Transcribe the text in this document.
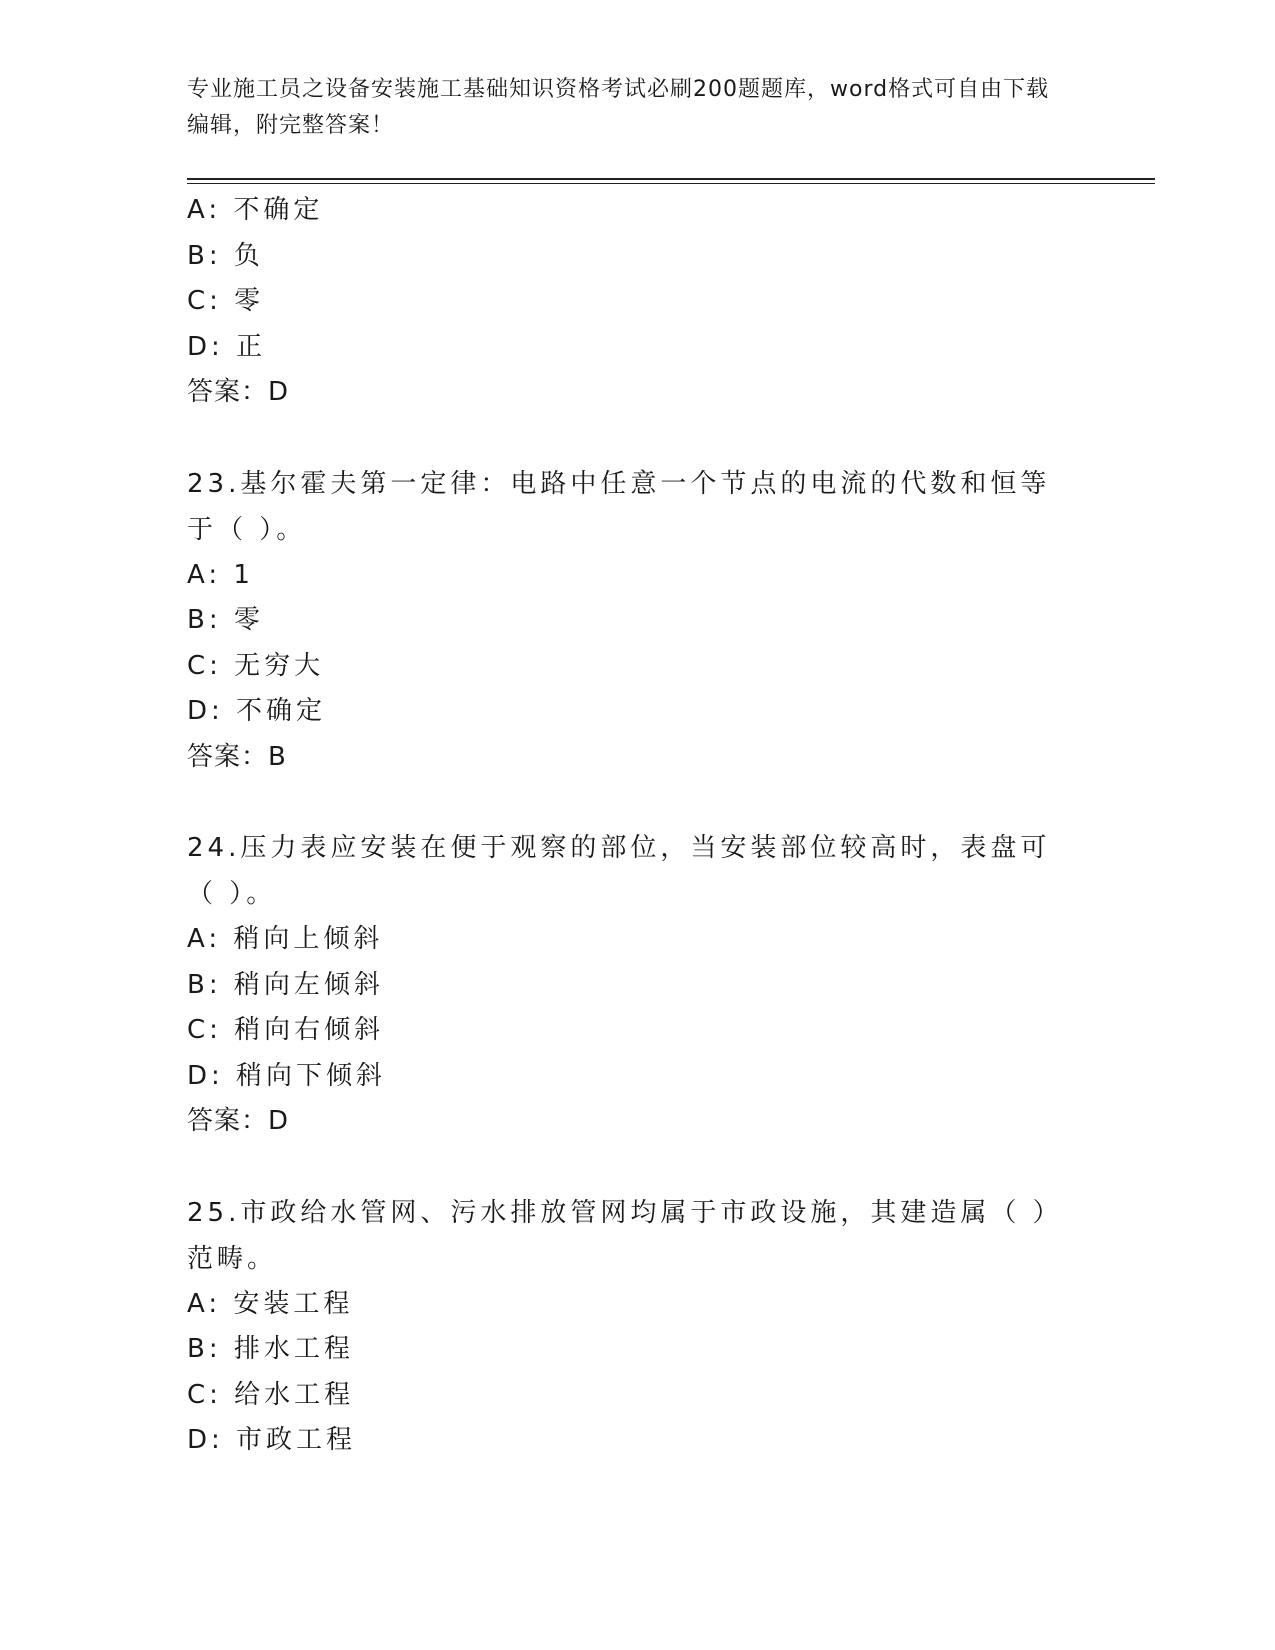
专业施工员之设备安装施工基础知识资格考试必刷200题题库，word格式可自由下载编辑，附完整答案！
A: 不确定
B: 负
C: 零
D: 正
答案：D
23.基尔霍夫第一定律：电路中任意一个节点的电流的代数和恒等于（ ）。
A: 1
B: 零
C: 无穷大
D: 不确定
答案：B
24.压力表应安装在便于观察的部位，当安装部位较高时，表盘可（ ）。
A: 稍向上倾斜
B: 稍向左倾斜
C: 稍向右倾斜
D: 稍向下倾斜
答案：D
25.市政给水管网、污水排放管网均属于市政设施，其建造属（ ）范畴。
A: 安装工程
B: 排水工程
C: 给水工程
D: 市政工程
